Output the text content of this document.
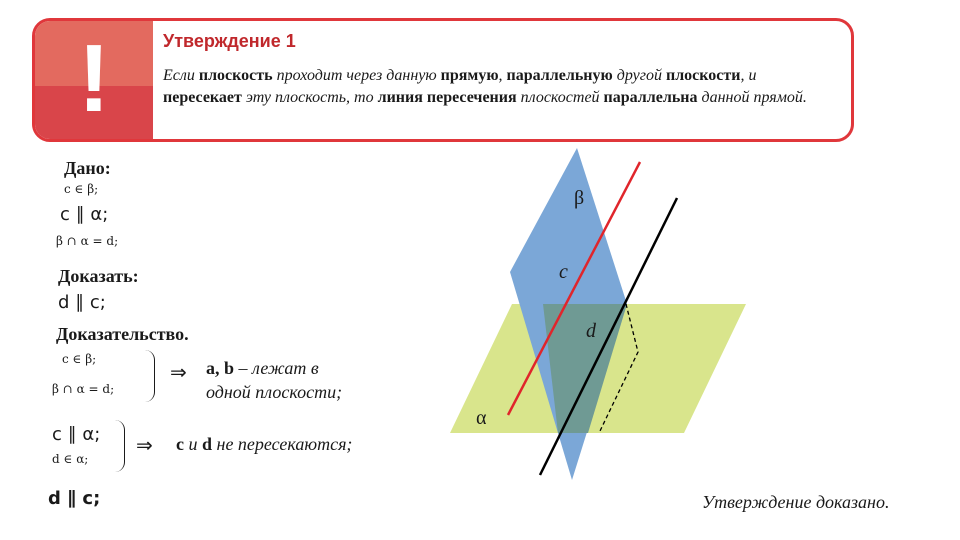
!	Утверждение 1
Если плоскость проходит через данную прямую, параллельную другой плоскости, и пересекает эту плоскость, то линия пересечения плоскостей параллельна данной прямой.
Дано:
c ∈ β;
c ∥ α;
β ∩ α = d;
Доказать:
d ∥ c;
Доказательство.
c ∈ β;
β ∩ α = d;
⇒ a, b – лежат в
одной плоскости;
c ∥ α;
d ∈ α;
⇒ c и d не пересекаются;
d ∥ c;
β
c
d
α
Утверждение доказано.
